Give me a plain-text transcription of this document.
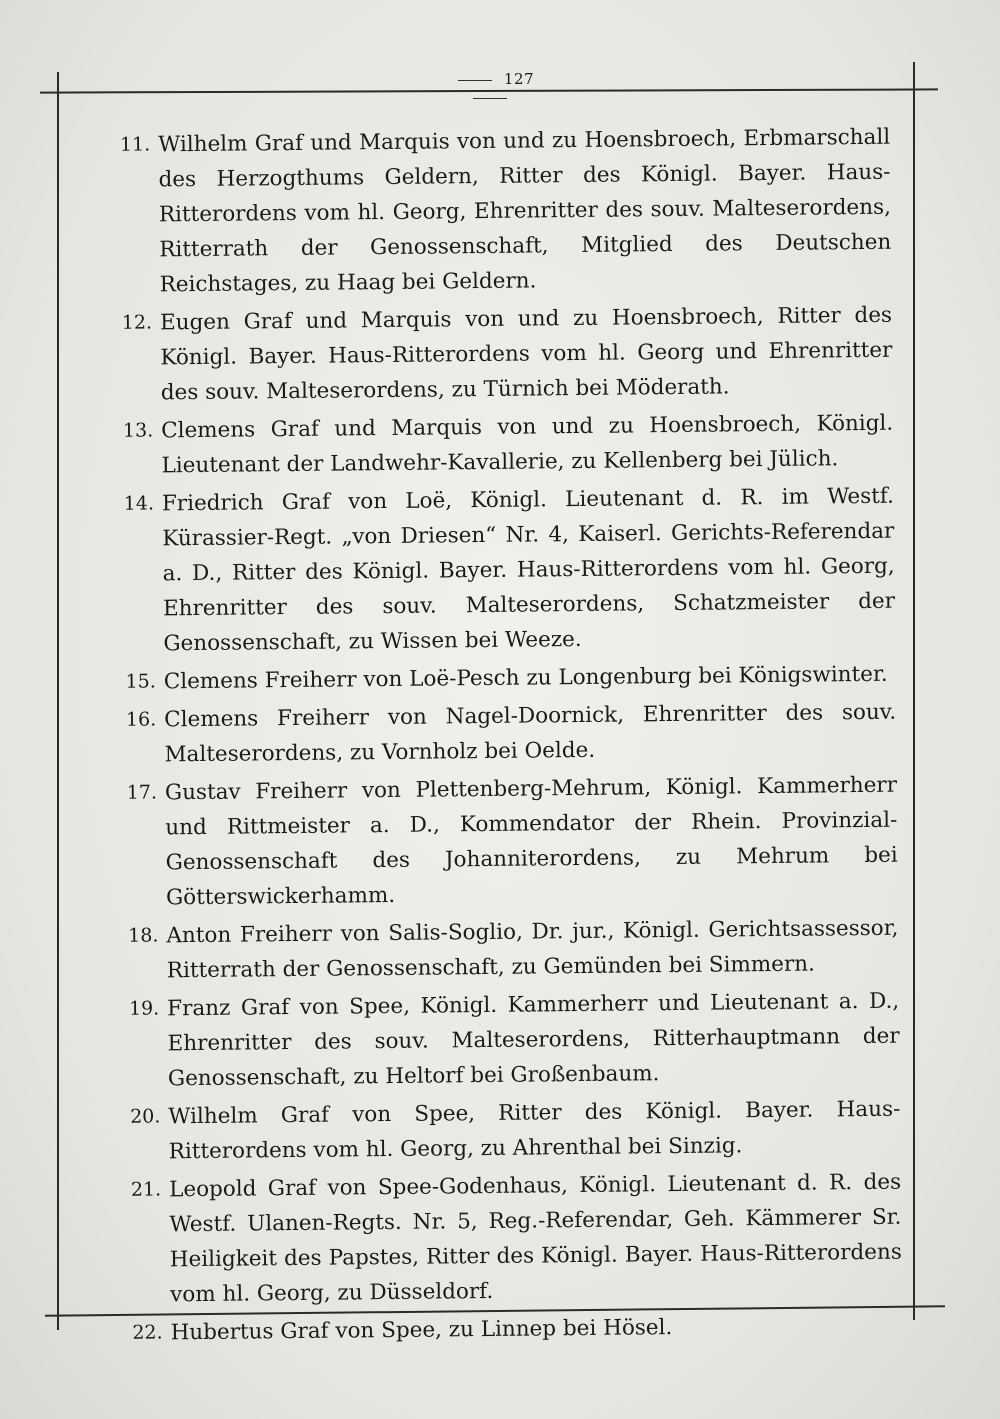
127
11. Wilhelm Graf und Marquis von und zu Hoensbroech, Erbmarschall des Herzogthums Geldern, Ritter des Königl. Bayer. Haus-Ritterordens vom hl. Georg, Ehrenritter des souv. Malteserordens, Ritterrath der Genossenschaft, Mitglied des Deutschen Reichstages, zu Haag bei Geldern.
12. Eugen Graf und Marquis von und zu Hoensbroech, Ritter des Königl. Bayer. Haus-Ritterordens vom hl. Georg und Ehrenritter des souv. Malteserordens, zu Türnich bei Möderath.
13. Clemens Graf und Marquis von und zu Hoensbroech, Königl. Lieutenant der Landwehr-Kavallerie, zu Kellenberg bei Jülich.
14. Friedrich Graf von Loë, Königl. Lieutenant d. R. im Westf. Kürassier-Regt. „von Driesen“ Nr. 4, Kaiserl. Gerichts-Referendar a. D., Ritter des Königl. Bayer. Haus-Ritterordens vom hl. Georg, Ehrenritter des souv. Malteserordens, Schatzmeister der Genossenschaft, zu Wissen bei Weeze.
15. Clemens Freiherr von Loë-Pesch zu Longenburg bei Königswinter.
16. Clemens Freiherr von Nagel-Doornick, Ehrenritter des souv. Malteserordens, zu Vornholz bei Oelde.
17. Gustav Freiherr von Plettenberg-Mehrum, Königl. Kammerherr und Rittmeister a. D., Kommendator der Rhein. Provinzial-Genossenschaft des Johanniterordens, zu Mehrum bei Götterswickerhamm.
18. Anton Freiherr von Salis-Soglio, Dr. jur., Königl. Gerichtsassessor, Ritterrath der Genossenschaft, zu Gemünden bei Simmern.
19. Franz Graf von Spee, Königl. Kammerherr und Lieutenant a. D., Ehrenritter des souv. Malteserordens, Ritterhauptmann der Genossenschaft, zu Heltorf bei Großenbaum.
20. Wilhelm Graf von Spee, Ritter des Königl. Bayer. Haus-Ritterordens vom hl. Georg, zu Ahrenthal bei Sinzig.
21. Leopold Graf von Spee-Godenhaus, Königl. Lieutenant d. R. des Westf. Ulanen-Regts. Nr. 5, Reg.-Referendar, Geh. Kämmerer Sr. Heiligkeit des Papstes, Ritter des Königl. Bayer. Haus-Ritterordens vom hl. Georg, zu Düsseldorf.
22. Hubertus Graf von Spee, zu Linnep bei Hösel.
